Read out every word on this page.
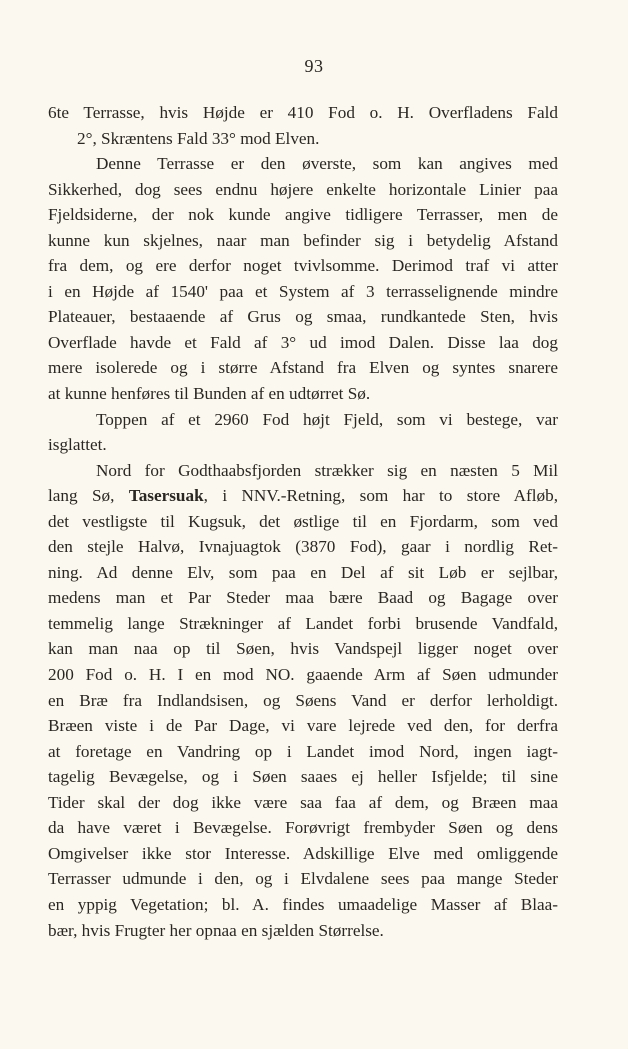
93
6te Terrasse, hvis Højde er 410 Fod o. H. Overfladens Fald
2°, Skræntens Fald 33° mod Elven.
Denne Terrasse er den øverste, som kan angives med
Sikkerhed, dog sees endnu højere enkelte horizontale Linier paa
Fjeldsiderne, der nok kunde angive tidligere Terrasser, men de
kunne kun skjelnes, naar man befinder sig i betydelig Afstand
fra dem, og ere derfor noget tvivlsomme. Derimod traf vi atter
i en Højde af 1540' paa et System af 3 terrasselignende mindre
Plateauer, bestaaende af Grus og smaa, rundkantede Sten, hvis
Overflade havde et Fald af 3° ud imod Dalen. Disse laa dog
mere isolerede og i større Afstand fra Elven og syntes snarere
at kunne henføres til Bunden af en udtørret Sø.
Toppen af et 2960 Fod højt Fjeld, som vi bestege, var
isglattet.
Nord for Godthaabsfjorden strækker sig en næsten 5 Mil
lang Sø, Tasersuak, i NNV.-Retning, som har to store Afløb,
det vestligste til Kugsuk, det østlige til en Fjordarm, som ved
den stejle Halvø, Ivnajuagtok (3870 Fod), gaar i nordlig Ret-
ning. Ad denne Elv, som paa en Del af sit Løb er sejlbar,
medens man et Par Steder maa bære Baad og Bagage over
temmelig lange Strækninger af Landet forbi brusende Vandfald,
kan man naa op til Søen, hvis Vandspejl ligger noget over
200 Fod o. H. I en mod NO. gaaende Arm af Søen udmunder
en Bræ fra Indlandsisen, og Søens Vand er derfor lerholdigt.
Bræen viste i de Par Dage, vi vare lejrede ved den, for derfra
at foretage en Vandring op i Landet imod Nord, ingen iagt-
tagelig Bevægelse, og i Søen saaes ej heller Isfjelde; til sine
Tider skal der dog ikke være saa faa af dem, og Bræen maa
da have været i Bevægelse. Forøvrigt frembyder Søen og dens
Omgivelser ikke stor Interesse. Adskillige Elve med omliggende
Terrasser udmunde i den, og i Elvdalene sees paa mange Steder
en yppig Vegetation; bl. A. findes umaadelige Masser af Blaa-
bær, hvis Frugter her opnaa en sjælden Størrelse.
